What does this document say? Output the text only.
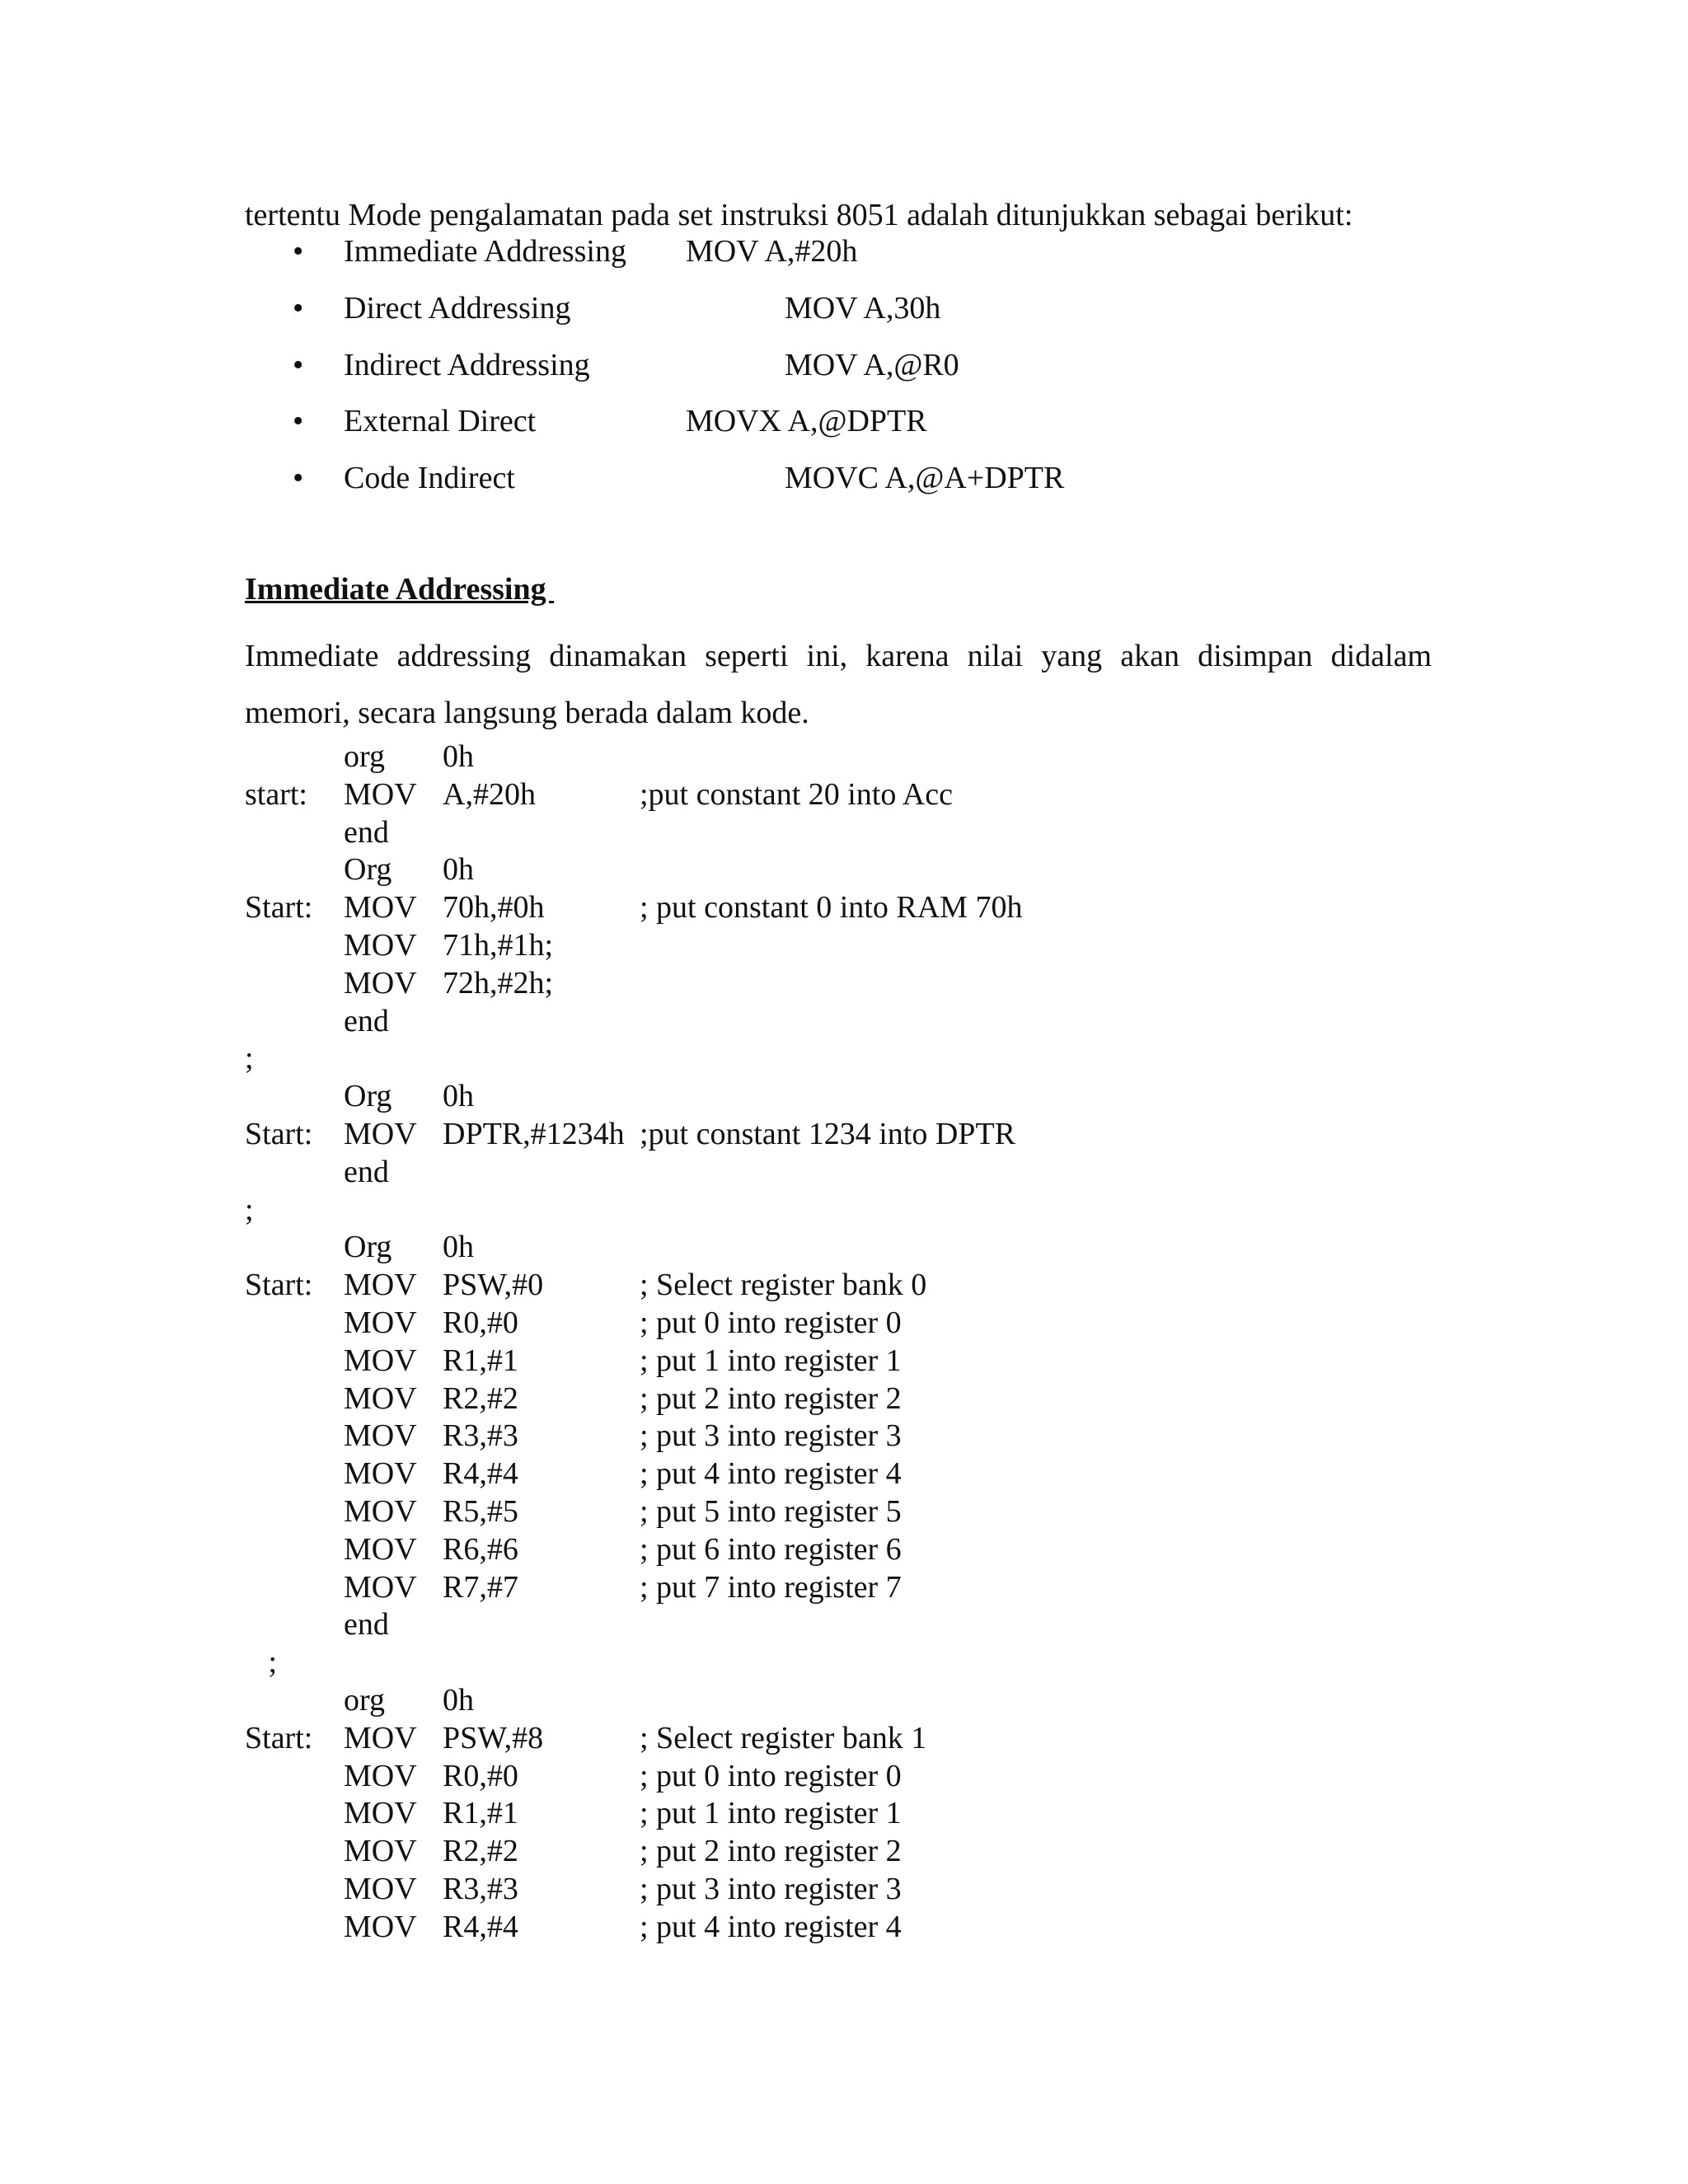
tertentu Mode pengalamatan pada set instruksi 8051 adalah ditunjukkan sebagai berikut:
• Immediate Addressing MOV A,#20h
• Direct Addressing	MOV A,30h
• Indirect Addressing	MOV A,@R0
• External Direct	MOVX A,@DPTR
• Code Indirect	MOVC A,@A+DPTR
Immediate Addressing
Immediate addressing dinamakan seperti ini, karena nilai yang akan disimpan didalam
memori, secara langsung berada dalam kode.
org 0h
start: MOV A,#20h	;put constant 20 into Acc
end
Org 0h
Start: MOV 70h,#0h	; put constant 0 into RAM 70h
MOV 71h,#1h;
MOV 72h,#2h;
end
;
Org 0h
Start: MOV DPTR,#1234h ;put constant 1234 into DPTR
end
;
Org 0h
Start: MOV PSW,#0	; Select register bank 0
MOV R0,#0	; put 0 into register 0
MOV R1,#1	; put 1 into register 1
MOV R2,#2	; put 2 into register 2
MOV R3,#3	; put 3 into register 3
MOV R4,#4	; put 4 into register 4
MOV R5,#5	; put 5 into register 5
MOV R6,#6	; put 6 into register 6
MOV R7,#7	; put 7 into register 7
end
;
org 0h
Start: MOV PSW,#8	; Select register bank 1
MOV R0,#0	; put 0 into register 0
MOV R1,#1	; put 1 into register 1
MOV R2,#2	; put 2 into register 2
MOV R3,#3	; put 3 into register 3
MOV R4,#4	; put 4 into register 4
